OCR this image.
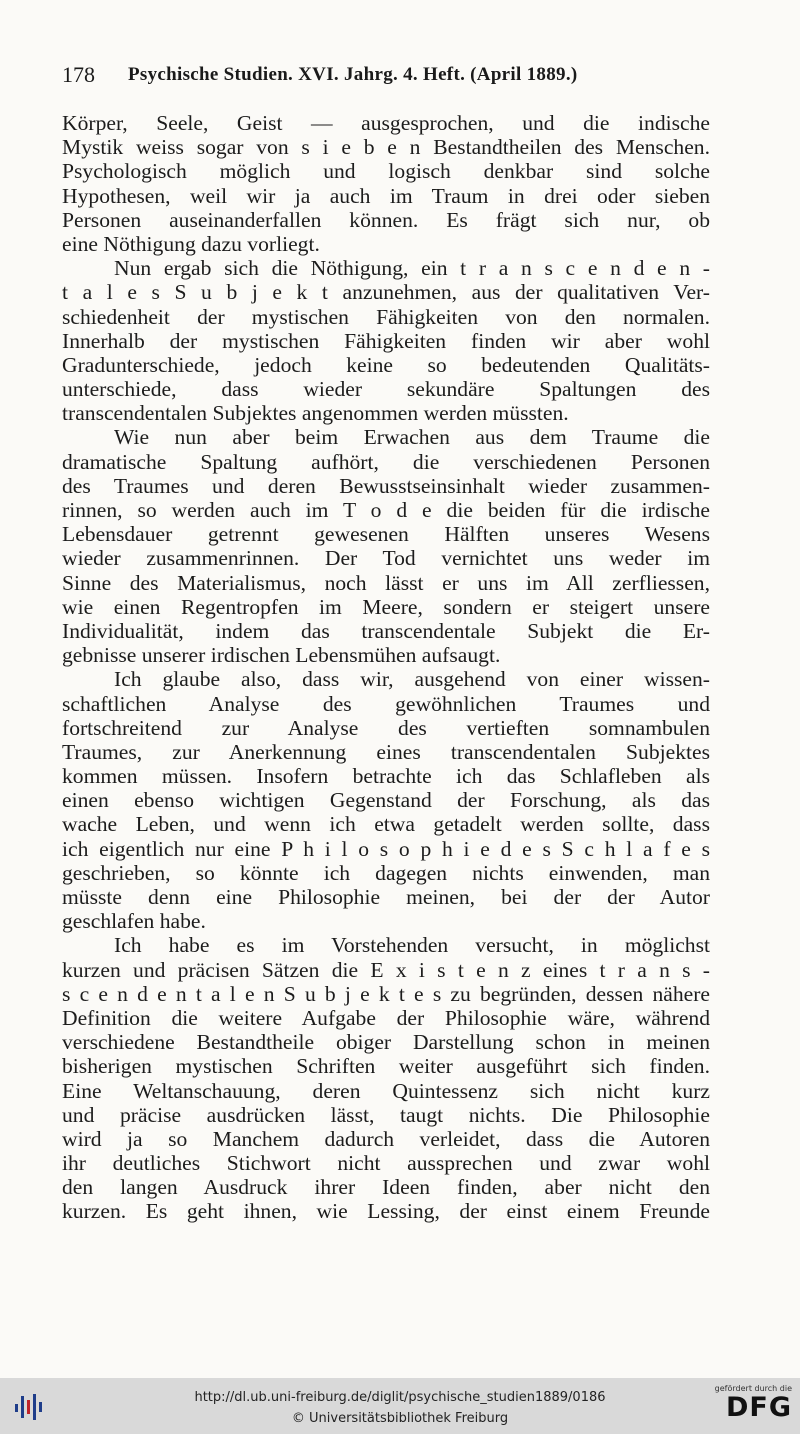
178 Psychische Studien. XVI. Jahrg. 4. Heft. (April 1889.)
Körper, Seele, Geist — ausgesprochen, und die indische
Mystik weiss sogar von s i e b e n Bestandtheilen des Menschen.
Psychologisch möglich und logisch denkbar sind solche
Hypothesen, weil wir ja auch im Traum in drei oder sieben
Personen auseinanderfallen können. Es frägt sich nur, ob
eine Nöthigung dazu vorliegt.
Nun ergab sich die Nöthigung, ein t r a n s c e n d e n -
t a l e s S u b j e k t anzunehmen, aus der qualitativen Ver-
schiedenheit der mystischen Fähigkeiten von den normalen.
Innerhalb der mystischen Fähigkeiten finden wir aber wohl
Gradunterschiede, jedoch keine so bedeutenden Qualitäts-
unterschiede, dass wieder sekundäre Spaltungen des
transcendentalen Subjektes angenommen werden müssten.
Wie nun aber beim Erwachen aus dem Traume die
dramatische Spaltung aufhört, die verschiedenen Personen
des Traumes und deren Bewusstseinsinhalt wieder zusammen-
rinnen, so werden auch im T o d e die beiden für die irdische
Lebensdauer getrennt gewesenen Hälften unseres Wesens
wieder zusammenrinnen. Der Tod vernichtet uns weder im
Sinne des Materialismus, noch lässt er uns im All zerfliessen,
wie einen Regentropfen im Meere, sondern er steigert unsere
Individualität, indem das transcendentale Subjekt die Er-
gebnisse unserer irdischen Lebensmühen aufsaugt.
Ich glaube also, dass wir, ausgehend von einer wissen-
schaftlichen Analyse des gewöhnlichen Traumes und
fortschreitend zur Analyse des vertieften somnambulen
Traumes, zur Anerkennung eines transcendentalen Subjektes
kommen müssen. Insofern betrachte ich das Schlafleben als
einen ebenso wichtigen Gegenstand der Forschung, als das
wache Leben, und wenn ich etwa getadelt werden sollte, dass
ich eigentlich nur eine P h i l o s o p h i e d e s S c h l a f e s
geschrieben, so könnte ich dagegen nichts einwenden, man
müsste denn eine Philosophie meinen, bei der der Autor
geschlafen habe.
Ich habe es im Vorstehenden versucht, in möglichst
kurzen und präcisen Sätzen die E x i s t e n z eines t r a n s -
s c e n d e n t a l e n S u b j e k t e s zu begründen, dessen nähere
Definition die weitere Aufgabe der Philosophie wäre, während
verschiedene Bestandtheile obiger Darstellung schon in meinen
bisherigen mystischen Schriften weiter ausgeführt sich finden.
Eine Weltanschauung, deren Quintessenz sich nicht kurz
und präcise ausdrücken lässt, taugt nichts. Die Philosophie
wird ja so Manchem dadurch verleidet, dass die Autoren
ihr deutliches Stichwort nicht aussprechen und zwar wohl
den langen Ausdruck ihrer Ideen finden, aber nicht den
kurzen. Es geht ihnen, wie Lessing, der einst einem Freunde
http://dl.ub.uni-freiburg.de/diglit/psychische_studien1889/0186
© Universitätsbibliothek Freiburg
gefördert durch die
DFG
